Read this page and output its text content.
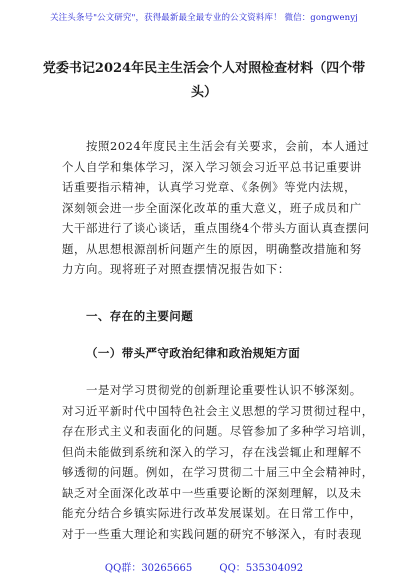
关注头条号"公文研究"，获得最新最全最专业的公文资料库！ 微信：gongwenyj
党委书记2024年民主生活会个人对照检查材料（四个带
头）
按照2024年度民主生活会有关要求，会前，本人通过
个人自学和集体学习，深入学习领会习近平总书记重要讲
话重要指示精神，认真学习党章、《条例》等党内法规，
深刻领会进一步全面深化改革的重大意义，班子成员和广
大干部进行了谈心谈话，重点围绕4个带头方面认真查摆问
题，从思想根源剖析问题产生的原因，明确整改措施和努
力方向。现将班子对照查摆情况报告如下：
一、存在的主要问题
（一）带头严守政治纪律和政治规矩方面
一是对学习贯彻党的创新理论重要性认识不够深刻。
对习近平新时代中国特色社会主义思想的学习贯彻过程中，
存在形式主义和表面化的问题。尽管参加了多种学习培训，
但尚未能做到系统和深入的学习，存在浅尝辄止和理解不
够透彻的问题。例如，在学习贯彻二十届三中全会精神时，
缺乏对全面深化改革中一些重要论断的深刻理解，以及未
能充分结合乡镇实际进行改革发展谋划。在日常工作中，
对于一些重大理论和实践问题的研究不够深入，有时表现
QQ群：30265665	QQ：535304092
